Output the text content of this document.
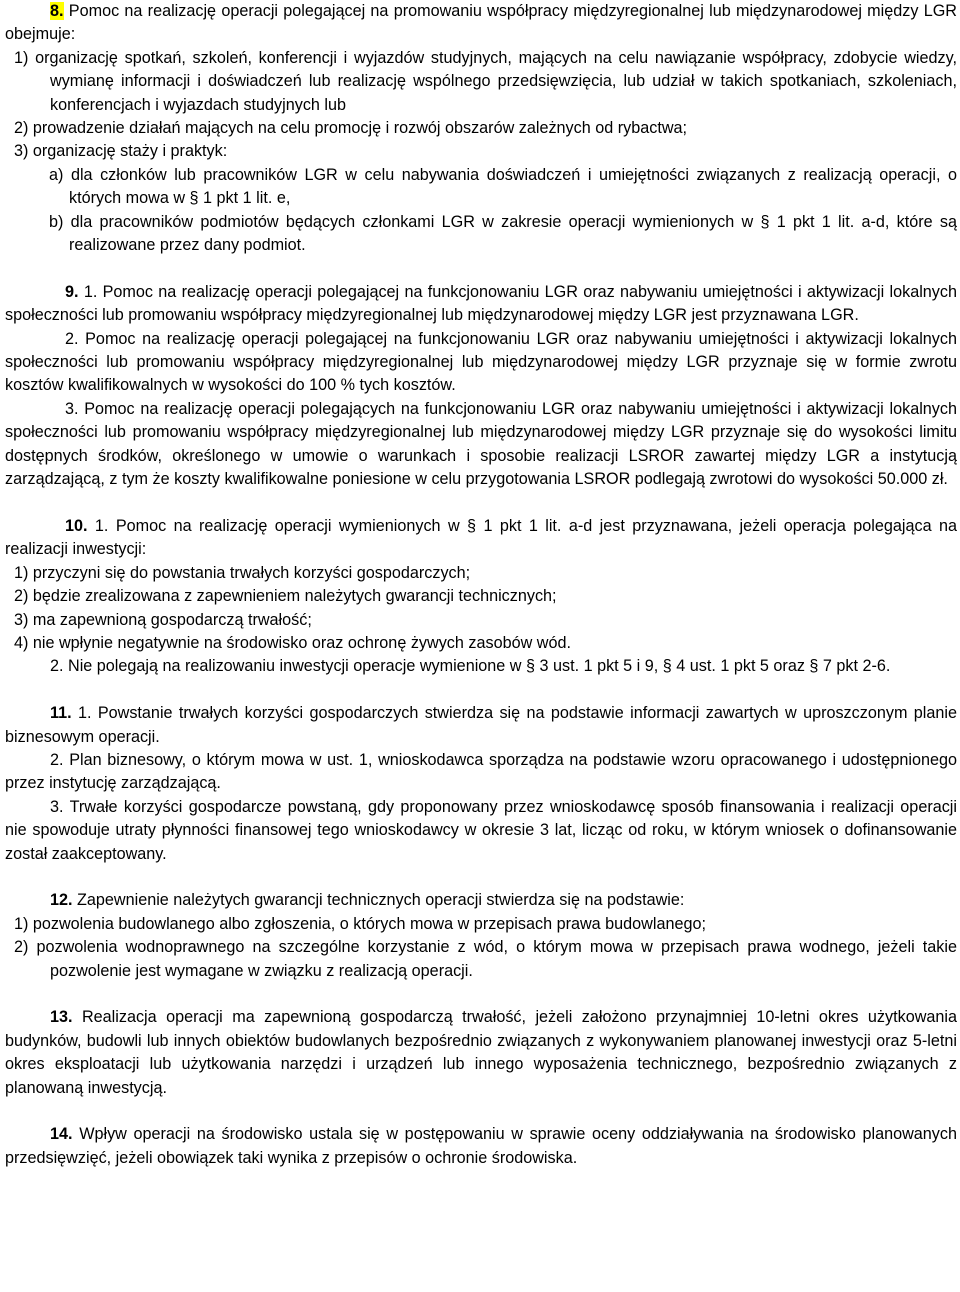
8. Pomoc na realizację operacji polegającej na promowaniu współpracy międzyregionalnej lub międzynarodowej między LGR obejmuje:

1) organizację spotkań, szkoleń, konferencji i wyjazdów studyjnych, mających na celu nawiązanie współpracy, zdobycie wiedzy, wymianę informacji i doświadczeń lub realizację wspólnego przedsięwzięcia, lub udział w takich spotkaniach, szkoleniach, konferencjach i wyjazdach studyjnych lub

2) prowadzenie działań mających na celu promocję i rozwój obszarów zależnych od rybactwa;

3) organizację staży i praktyk:

a) dla członków lub pracowników LGR w celu nabywania doświadczeń i umiejętności związanych z realizacją operacji, o których mowa w § 1 pkt 1 lit. e,

b) dla pracowników podmiotów będących członkami LGR w zakresie operacji wymienionych w § 1 pkt 1 lit. a-d, które są realizowane przez dany podmiot.

9. 1. Pomoc na realizację operacji polegającej na funkcjonowaniu LGR oraz nabywaniu umiejętności i aktywizacji lokalnych społeczności lub promowaniu współpracy międzyregionalnej lub międzynarodowej między LGR jest przyznawana LGR.

2. Pomoc na realizację operacji polegającej na funkcjonowaniu LGR oraz nabywaniu umiejętności i aktywizacji lokalnych społeczności lub promowaniu współpracy międzyregionalnej lub międzynarodowej między LGR przyznaje się w formie zwrotu kosztów kwalifikowalnych w wysokości do 100 % tych kosztów.

3. Pomoc na realizację operacji polegających na funkcjonowaniu LGR oraz nabywaniu umiejętności i aktywizacji lokalnych społeczności lub promowaniu współpracy międzyregionalnej lub międzynarodowej między LGR przyznaje się do wysokości limitu dostępnych środków, określonego w umowie o warunkach i sposobie realizacji LSROR zawartej między LGR a instytucją zarządzającą, z tym że koszty kwalifikowalne poniesione w celu przygotowania LSROR podlegają zwrotowi do wysokości 50.000 zł.

10. 1. Pomoc na realizację operacji wymienionych w § 1 pkt 1 lit. a-d jest przyznawana, jeżeli operacja polegająca na realizacji inwestycji:

1) przyczyni się do powstania trwałych korzyści gospodarczych;

2) będzie zrealizowana z zapewnieniem należytych gwarancji technicznych;

3) ma zapewnioną gospodarczą trwałość;

4) nie wpłynie negatywnie na środowisko oraz ochronę żywych zasobów wód.

2. Nie polegają na realizowaniu inwestycji operacje wymienione w § 3 ust. 1 pkt 5 i 9, § 4 ust. 1 pkt 5 oraz § 7 pkt 2-6.

11. 1. Powstanie trwałych korzyści gospodarczych stwierdza się na podstawie informacji zawartych w uproszczonym planie biznesowym operacji.

2. Plan biznesowy, o którym mowa w ust. 1, wnioskodawca sporządza na podstawie wzoru opracowanego i udostępnionego przez instytucję zarządzającą.

3. Trwałe korzyści gospodarcze powstaną, gdy proponowany przez wnioskodawcę sposób finansowania i realizacji operacji nie spowoduje utraty płynności finansowej tego wnioskodawcy w okresie 3 lat, licząc od roku, w którym wniosek o dofinansowanie został zaakceptowany.

12. Zapewnienie należytych gwarancji technicznych operacji stwierdza się na podstawie:

1) pozwolenia budowlanego albo zgłoszenia, o których mowa w przepisach prawa budowlanego;

2) pozwolenia wodnoprawnego na szczególne korzystanie z wód, o którym mowa w przepisach prawa wodnego, jeżeli takie pozwolenie jest wymagane w związku z realizacją operacji.

13. Realizacja operacji ma zapewnioną gospodarczą trwałość, jeżeli założono przynajmniej 10-letni okres użytkowania budynków, budowli lub innych obiektów budowlanych bezpośrednio związanych z wykonywaniem planowanej inwestycji oraz 5-letni okres eksploatacji lub użytkowania narzędzi i urządzeń lub innego wyposażenia technicznego, bezpośrednio związanych z planowaną inwestycją.

14. Wpływ operacji na środowisko ustala się w postępowaniu w sprawie oceny oddziaływania na środowisko planowanych przedsięwzięć, jeżeli obowiązek taki wynika z przepisów o ochronie środowiska.
